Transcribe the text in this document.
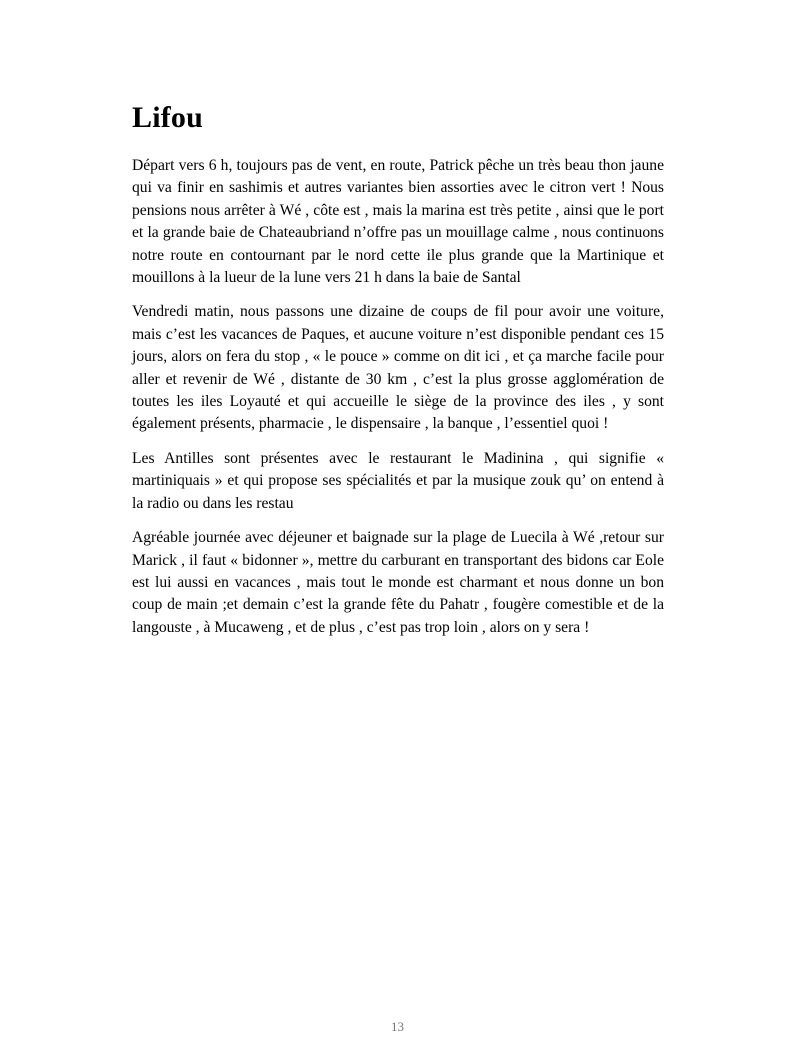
Lifou

Départ vers 6 h, toujours pas de vent, en route, Patrick pêche un très beau thon jaune qui va finir en sashimis et autres variantes bien assorties avec le citron vert ! Nous pensions nous arrêter à Wé , côte est , mais la marina est très petite , ainsi que le port et la grande baie de Chateaubriand n’offre pas un mouillage calme , nous continuons notre route en contournant par le nord cette ile plus grande que la Martinique et mouillons à la lueur de la lune vers 21 h dans la baie de Santal

Vendredi matin, nous passons une dizaine de coups de fil pour avoir une voiture, mais c’est les vacances de Paques, et aucune voiture n’est disponible pendant ces 15 jours, alors on fera du stop , « le pouce » comme on dit ici , et ça marche facile pour aller et revenir de Wé , distante de 30 km , c’est la plus grosse agglomération de toutes les iles Loyauté et qui accueille le siège de la province des iles , y sont également présents, pharmacie , le dispensaire , la banque , l’essentiel quoi !

Les Antilles sont présentes avec le restaurant le Madinina , qui signifie « martiniquais » et qui propose ses spécialités et par la musique zouk qu’ on entend à la radio ou dans les restau

Agréable journée avec déjeuner et baignade sur la plage de Luecila à Wé ,retour sur Marick , il faut « bidonner », mettre du carburant en transportant des bidons car Eole est lui aussi en vacances , mais tout le monde est charmant et nous donne un bon coup de main ;et demain c’est la grande fête du Pahatr , fougère comestible et de la langouste , à Mucaweng , et de plus , c’est pas trop loin , alors on y sera !

13
